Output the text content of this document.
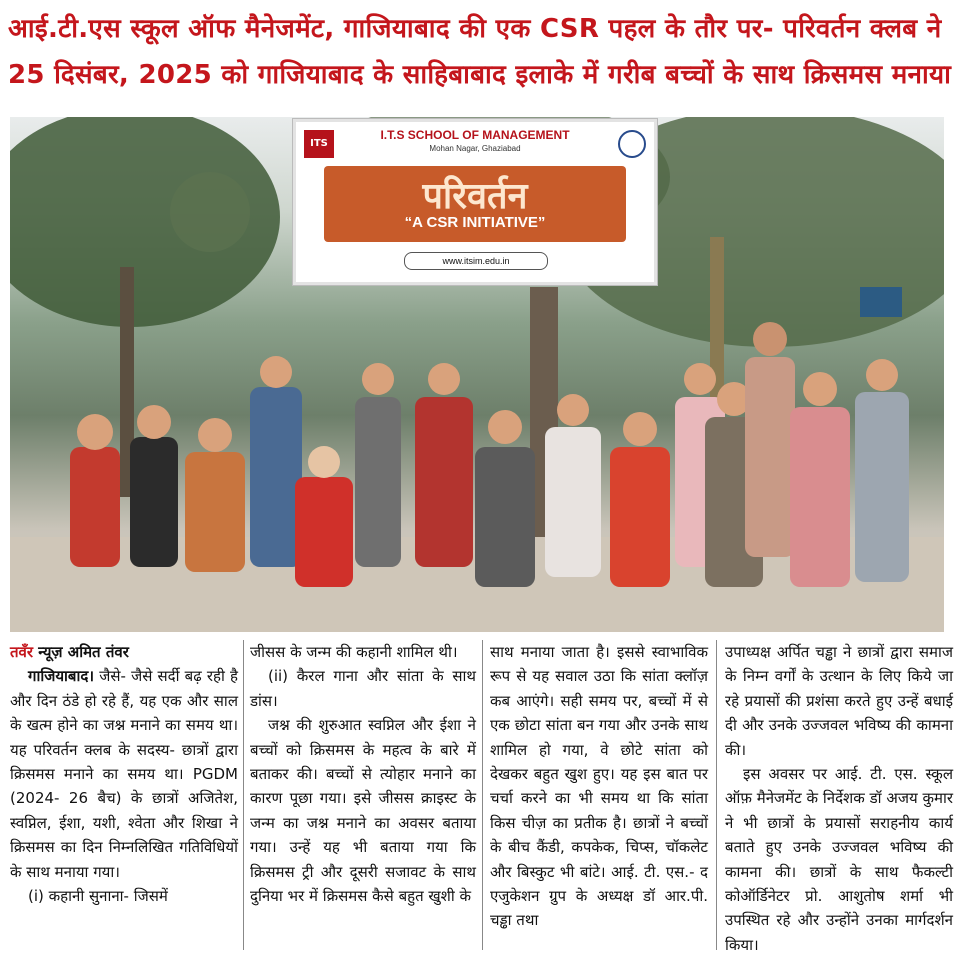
आई.टी.एस स्कूल ऑफ मैनेजमेंट, गाजियाबाद की एक CSR पहल के तौर पर- परिवर्तन क्लब ने
25 दिसंबर, 2025 को गाजियाबाद के साहिबाबाद इलाके में गरीब बच्चों के साथ क्रिसमस मनाया
ITS
I.T.S SCHOOL OF MANAGEMENT
Mohan Nagar, Ghaziabad
परिवर्तन
“A CSR INITIATIVE”
www.itsim.edu.in

तवँर न्यूज़ अमित तंवर

गाजियाबाद। जैसे- जैसे सर्दी बढ़ रही है और दिन ठंडे हो रहे हैं, यह एक और साल के खत्म होने का जश्न मनाने का समय था। यह परिवर्तन क्लब के सदस्य- छात्रों द्वारा क्रिसमस मनाने का समय था। PGDM (2024- 26 बैच) के छात्रों अजितेश, स्वप्निल, ईशा, यशी, श्वेता और शिखा ने क्रिसमस का दिन निम्नलिखित गतिविधियों के साथ मनाया गया।

(i) कहानी सुनाना- जिसमें

जीसस के जन्म की कहानी शामिल थी।

(ii) कैरल गाना और सांता के साथ डांस।

जश्न की शुरुआत स्वप्निल और ईशा ने बच्चों को क्रिसमस के महत्व के बारे में बताकर की। बच्चों से त्योहार मनाने का कारण पूछा गया। इसे जीसस क्राइस्ट के जन्म का जश्न मनाने का अवसर बताया गया। उन्हें यह भी बताया गया कि क्रिसमस ट्री और दूसरी सजावट के साथ दुनिया भर में क्रिसमस कैसे बहुत खुशी के

साथ मनाया जाता है। इससे स्वाभाविक रूप से यह सवाल उठा कि सांता क्लॉज़ कब आएंगे। सही समय पर, बच्चों में से एक छोटा सांता बन गया और उनके साथ शामिल हो गया, वे छोटे सांता को देखकर बहुत खुश हुए। यह इस बात पर चर्चा करने का भी समय था कि सांता किस चीज़ का प्रतीक है। छात्रों ने बच्चों के बीच कैंडी, कपकेक, चिप्स, चॉकलेट और बिस्कुट भी बांटे। आई. टी. एस.- द एजुकेशन ग्रुप के अध्यक्ष डॉ आर.पी. चड्ढा तथा

उपाध्यक्ष अर्पित चड्ढा ने छात्रों द्वारा समाज के निम्न वर्गों के उत्थान के लिए किये जा रहे प्रयासों की प्रशंसा करते हुए उन्हें बधाई दी और उनके उज्जवल भविष्य की कामना की।

इस अवसर पर आई. टी. एस. स्कूल ऑफ़ मैनेजमेंट के निर्देशक डॉ अजय कुमार ने भी छात्रों के प्रयासों सराहनीय कार्य बताते हुए उनके उज्जवल भविष्य की कामना की। छात्रों के साथ फैकल्टी कोऑर्डिनेटर प्रो. आशुतोष शर्मा भी उपस्थित रहे और उन्होंने उनका मार्गदर्शन किया।
